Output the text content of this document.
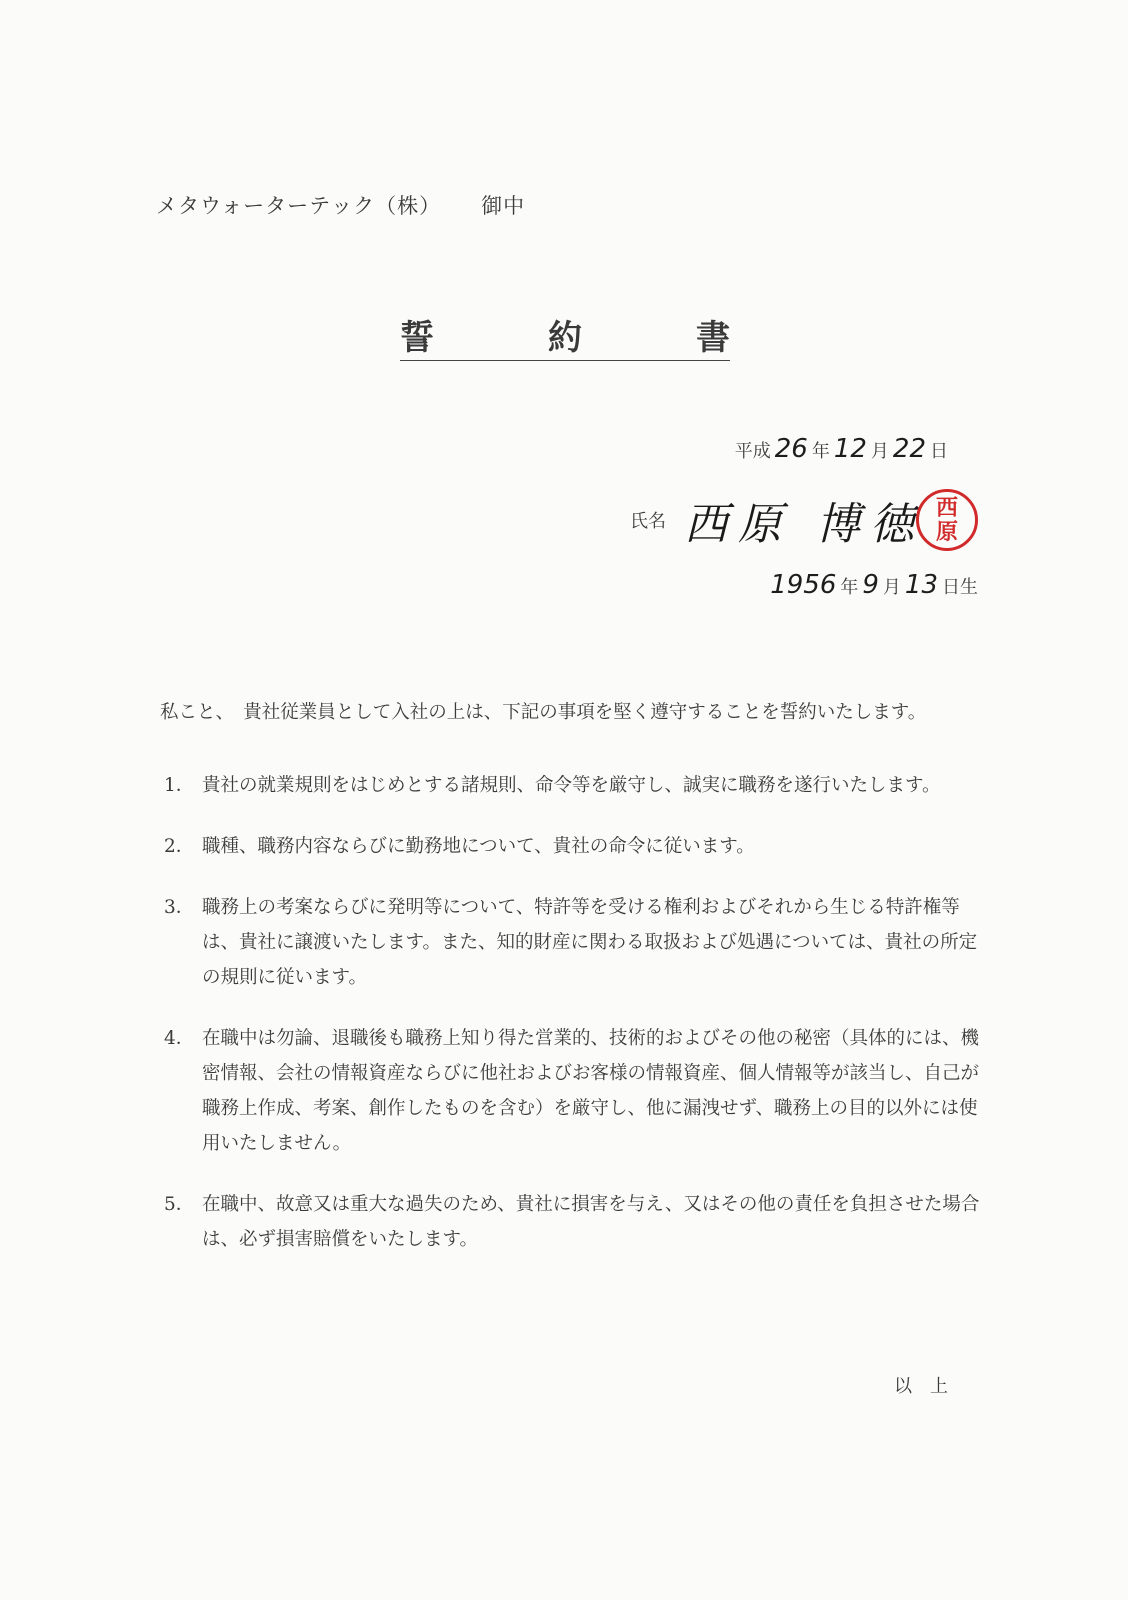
メタウォーターテック（株） 御中
誓　約　書
平成 26 年 12 月 22 日
氏名 西原 博徳 西
原
1956 年 9 月 13 日生

私こと、　貴社従業員として入社の上は、下記の事項を堅く遵守することを誓約いたします。

1． 貴社の就業規則をはじめとする諸規則、命令等を厳守し、誠実に職務を遂行いたします。
2． 職種、職務内容ならびに勤務地について、貴社の命令に従います。
3． 職務上の考案ならびに発明等について、特許等を受ける権利およびそれから生じる特許権等は、貴社に譲渡いたします。また、知的財産に関わる取扱および処遇については、貴社の所定の規則に従います。
4． 在職中は勿論、退職後も職務上知り得た営業的、技術的およびその他の秘密（具体的には、機密情報、会社の情報資産ならびに他社およびお客様の情報資産、個人情報等が該当し、自己が職務上作成、考案、創作したものを含む）を厳守し、他に漏洩せず、職務上の目的以外には使用いたしません。
5． 在職中、故意又は重大な過失のため、貴社に損害を与え、又はその他の責任を負担させた場合は、必ず損害賠償をいたします。
以上
